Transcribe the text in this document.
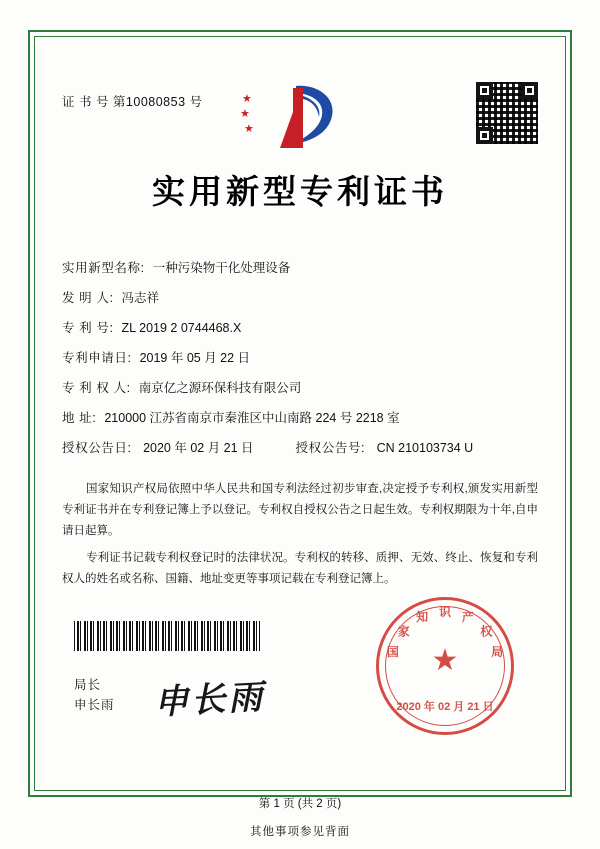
证 书 号 第10080853 号	★
★
★
实用新型专利证书
实用新型名称: 一种污染物干化处理设备
发 明 人: 冯志祥
专 利 号: ZL 2019 2 0744468.X
专利申请日: 2019 年 05 月 22 日
专 利 权 人: 南京亿之源环保科技有限公司
地 址: 210000 江苏省南京市秦淮区中山南路 224 号 2218 室
授权公告日: 2020 年 02 月 21 日	授权公告号: CN 210103734 U

国家知识产权局依照中华人民共和国专利法经过初步审查,决定授予专利权,颁发实用新型专利证书并在专利登记簿上予以登记。专利权自授权公告之日起生效。专利权期限为十年,自申请日起算。

专利证书记载专利权登记时的法律状况。专利权的转移、质押、无效、终止、恢复和专利权人的姓名或名称、国籍、地址变更等事项记载在专利登记簿上。

局长
申长雨 申长雨
★
国
家
知 识 产
权
局
2020 年 02 月 21 日
第 1 页 (共 2 页)
其他事项参见背面
